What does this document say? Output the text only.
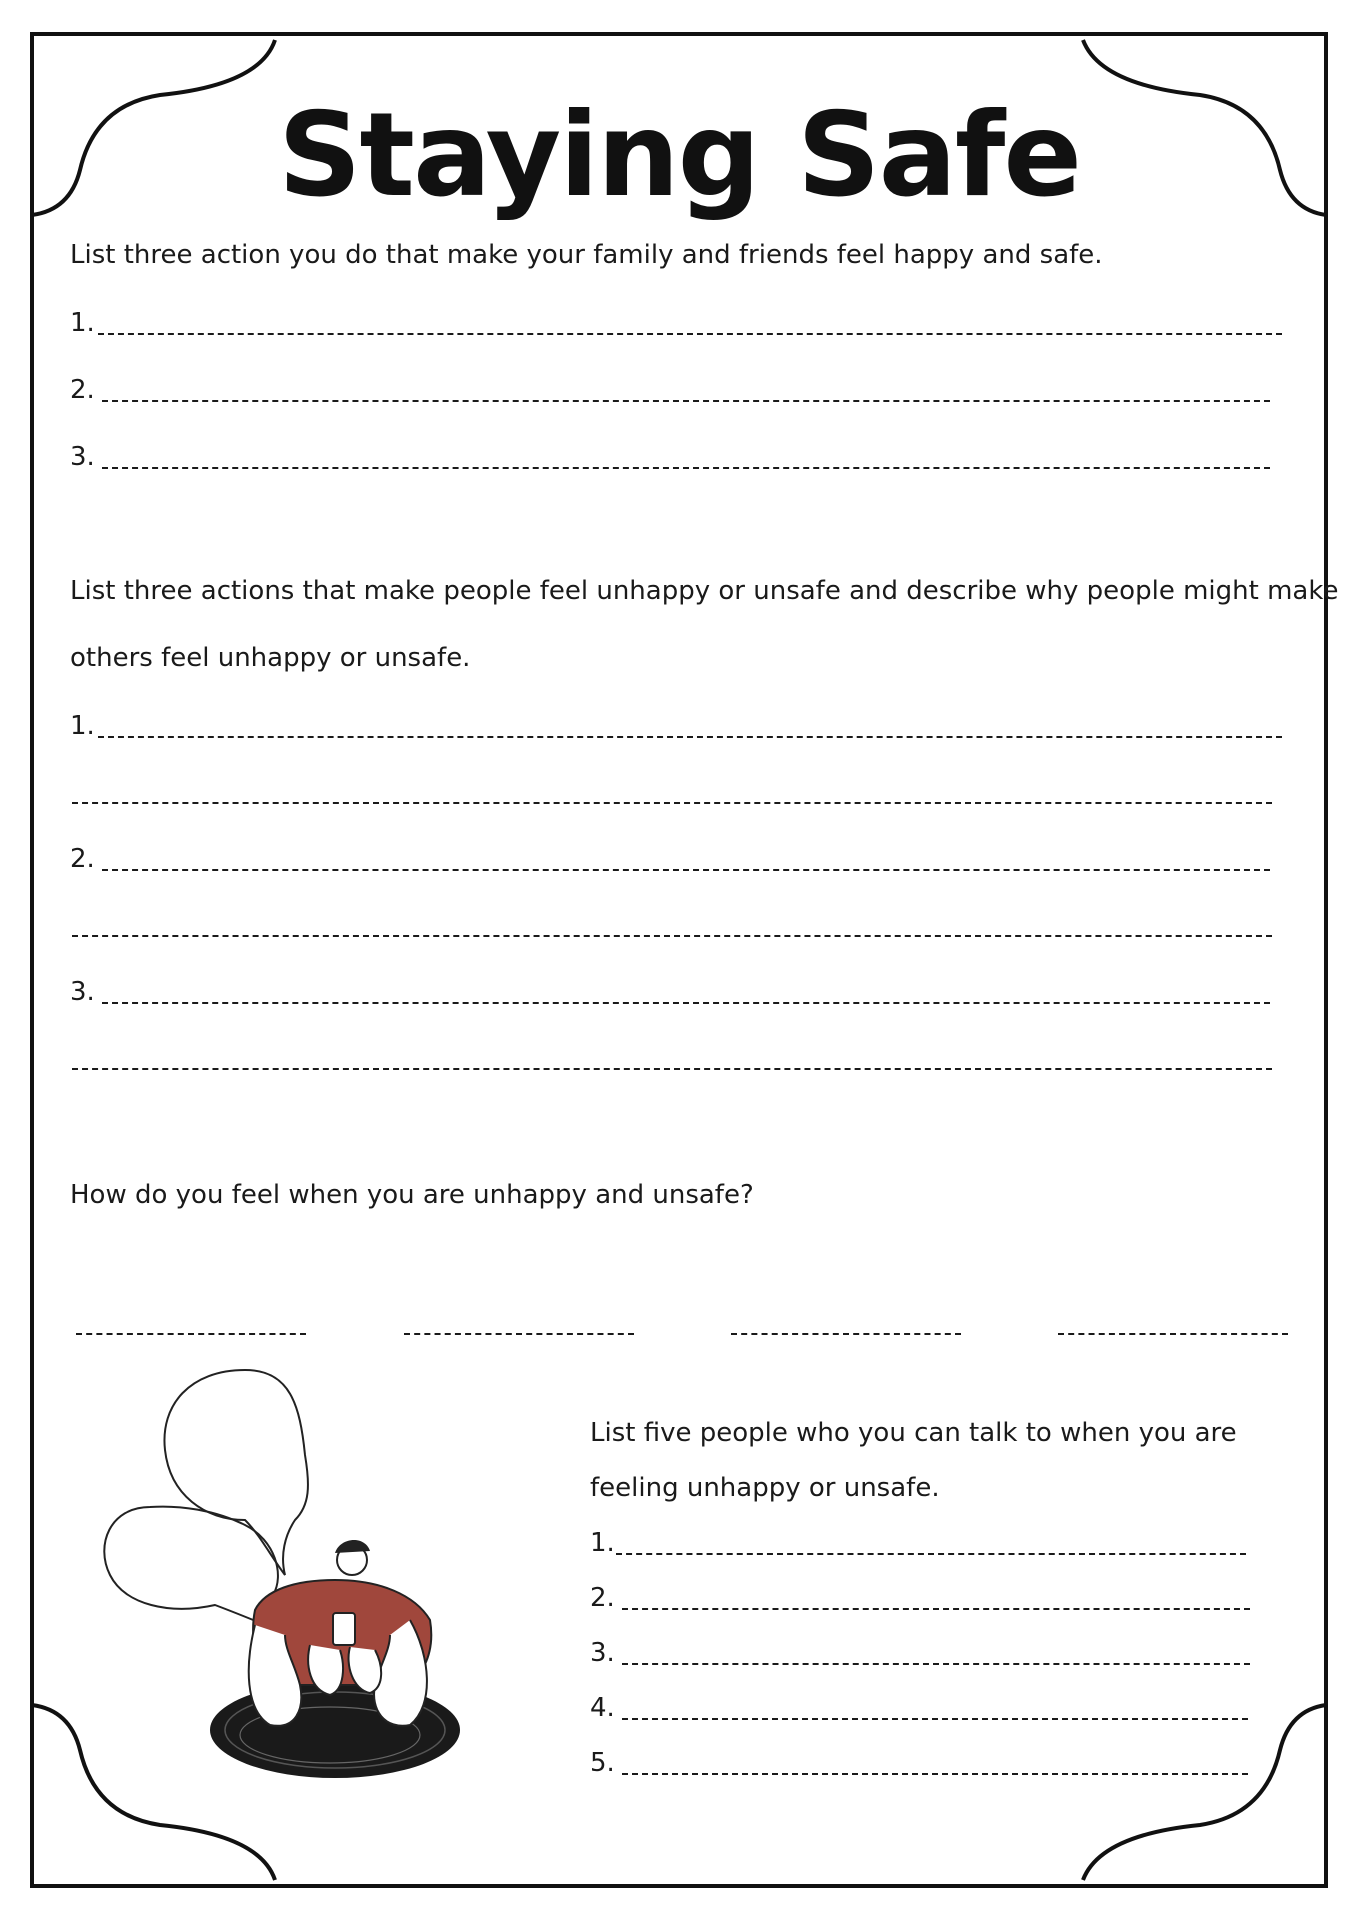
Staying Safe
List three action you do that make your family and friends feel happy and safe.
1.
2.
3.
List three actions that make people feel unhappy or unsafe and describe why people might make
others feel unhappy or unsafe.
1.
2.
3.
How do you feel when you are unhappy and unsafe?
List five people who you can talk to when you are
feeling unhappy or unsafe.
1.
2.
3.
4.
5.
